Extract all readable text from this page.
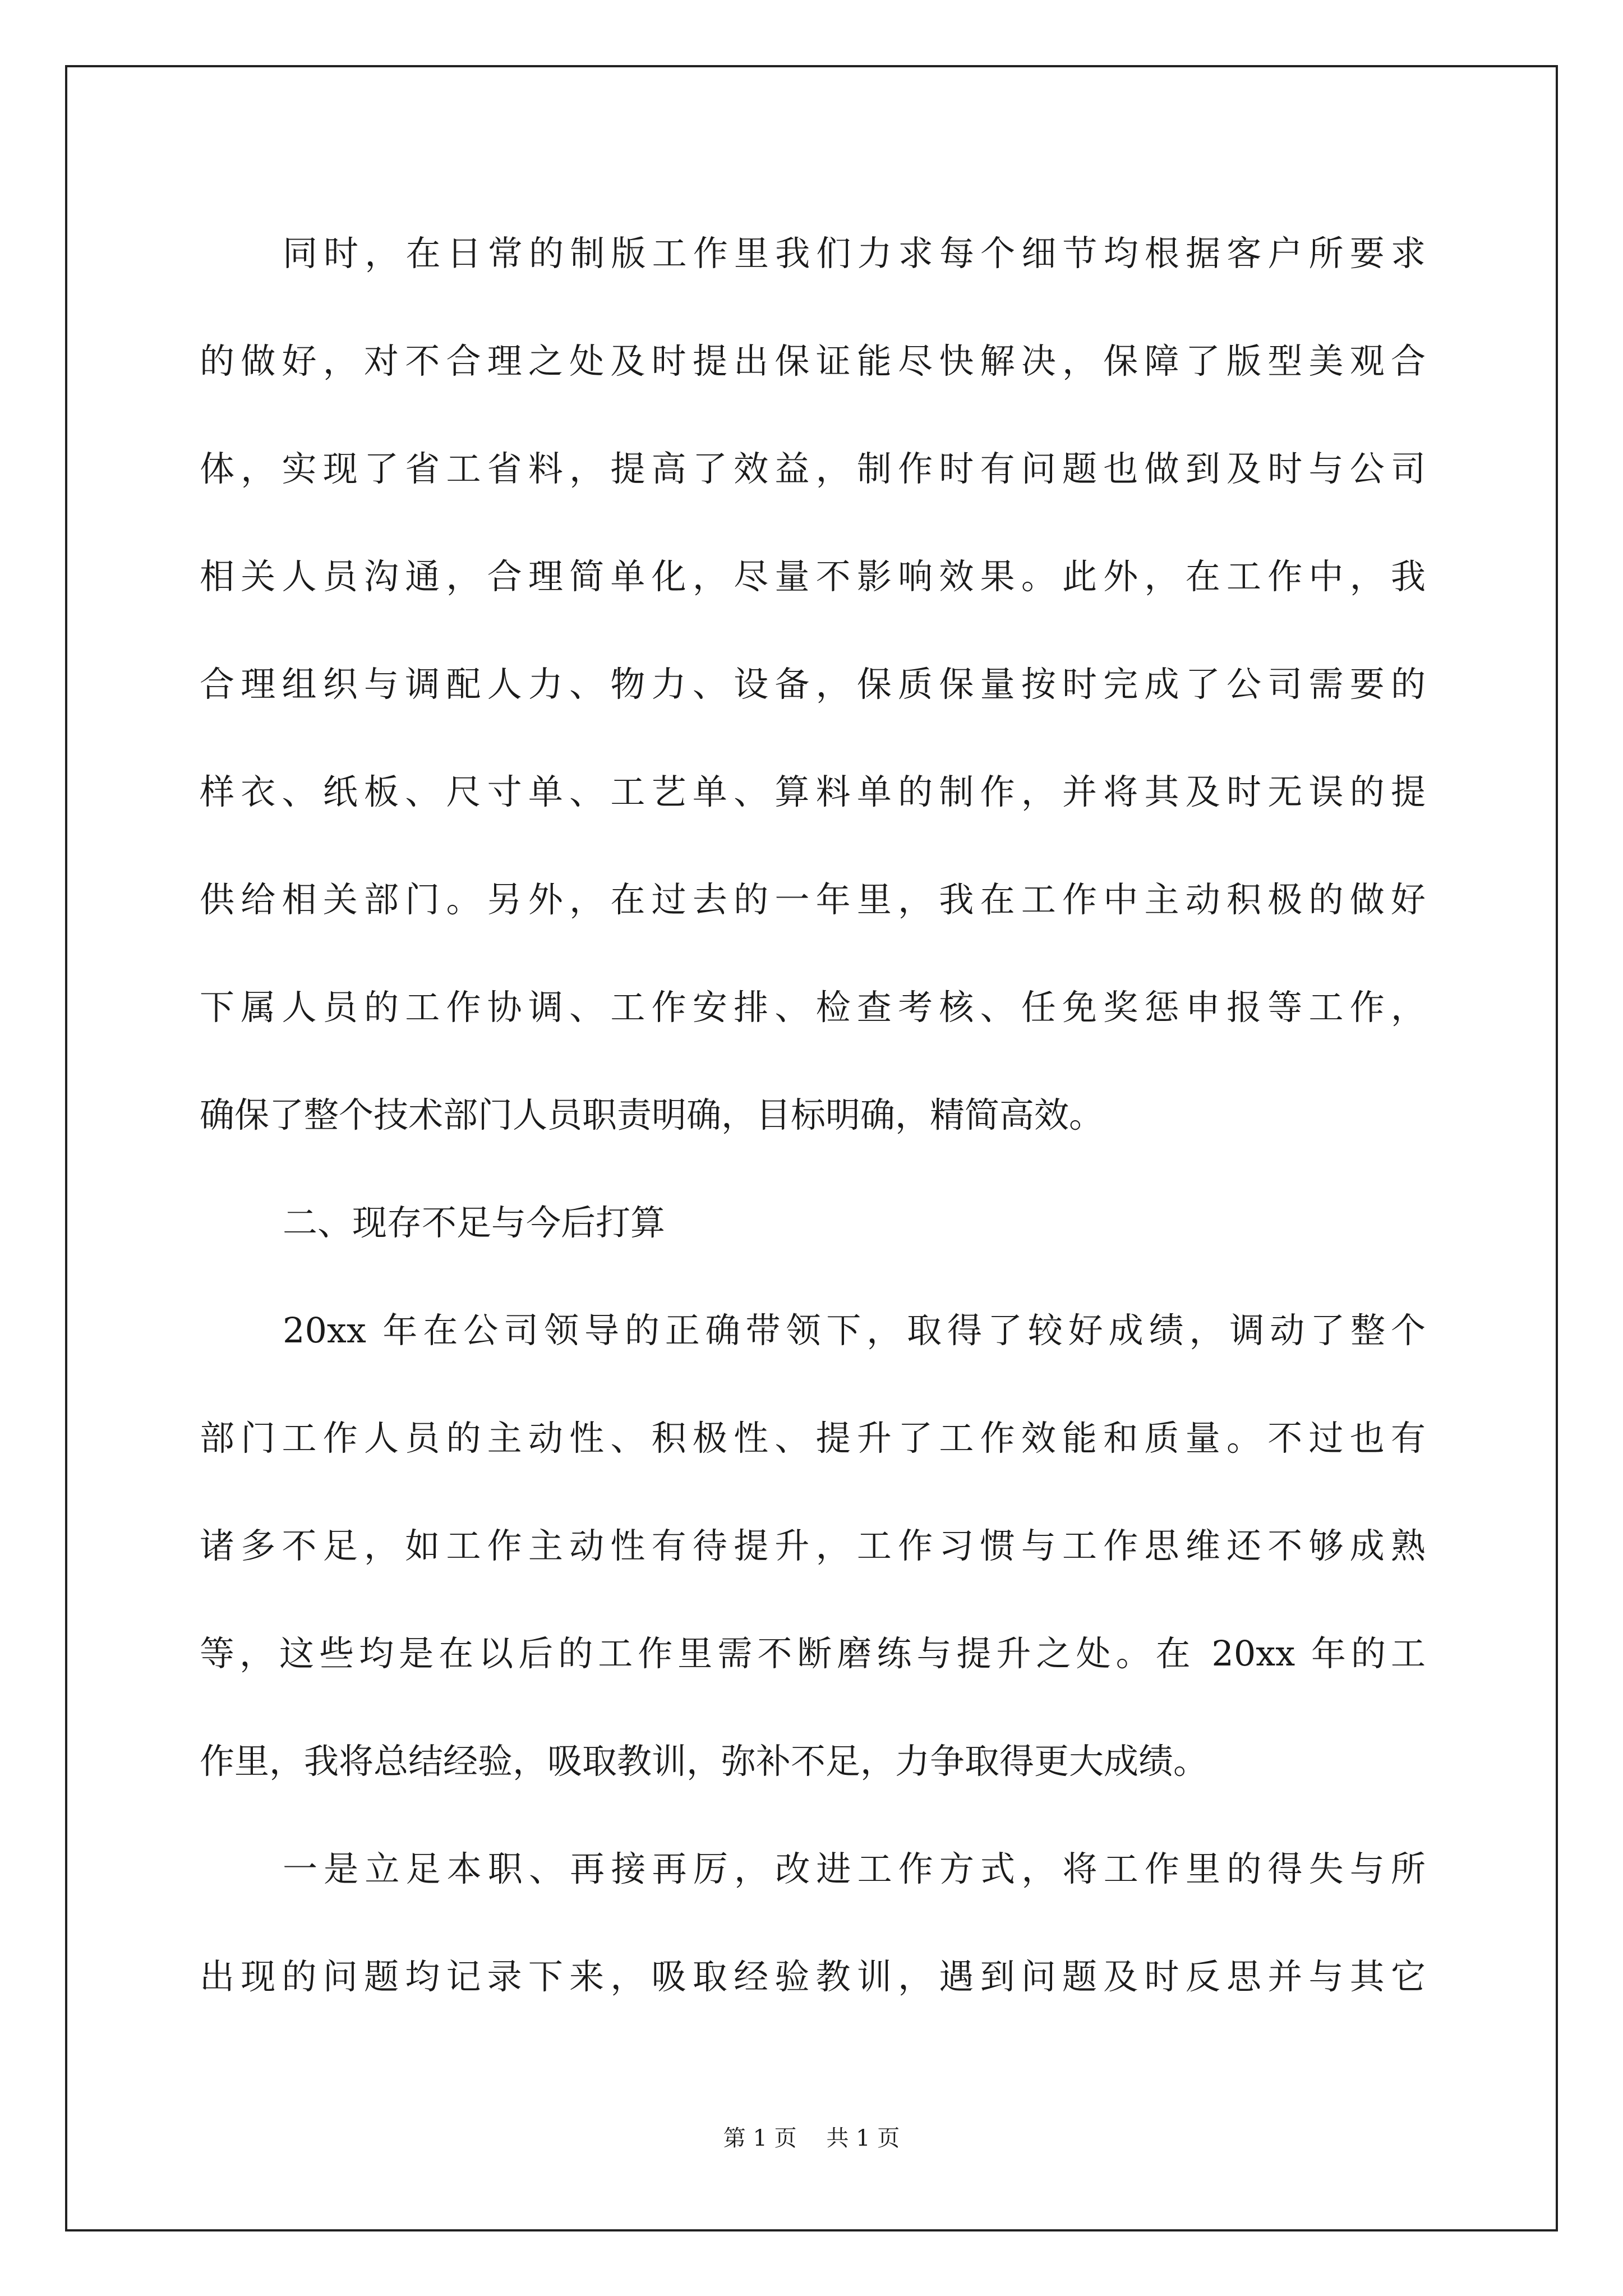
同时，在日常的制版工作里我们力求每个细节均根据客户所要求
的做好，对不合理之处及时提出保证能尽快解决，保障了版型美观合
体，实现了省工省料，提高了效益，制作时有问题也做到及时与公司
相关人员沟通，合理简单化，尽量不影响效果。此外，在工作中，我
合理组织与调配人力、物力、设备，保质保量按时完成了公司需要的
样衣、纸板、尺寸单、工艺单、算料单的制作，并将其及时无误的提
供给相关部门。另外，在过去的一年里，我在工作中主动积极的做好
下属人员的工作协调、工作安排、检查考核、任免奖惩申报等工作，
确保了整个技术部门人员职责明确，目标明确，精简高效。
二、现存不足与今后打算
20xx 年在公司领导的正确带领下，取得了较好成绩，调动了整个
部门工作人员的主动性、积极性、提升了工作效能和质量。不过也有
诸多不足，如工作主动性有待提升，工作习惯与工作思维还不够成熟
等，这些均是在以后的工作里需不断磨练与提升之处。在 20xx 年的工
作里，我将总结经验，吸取教训，弥补不足，力争取得更大成绩。
一是立足本职、再接再厉，改进工作方式，将工作里的得失与所
出现的问题均记录下来，吸取经验教训，遇到问题及时反思并与其它
第 1 页 共 1 页
